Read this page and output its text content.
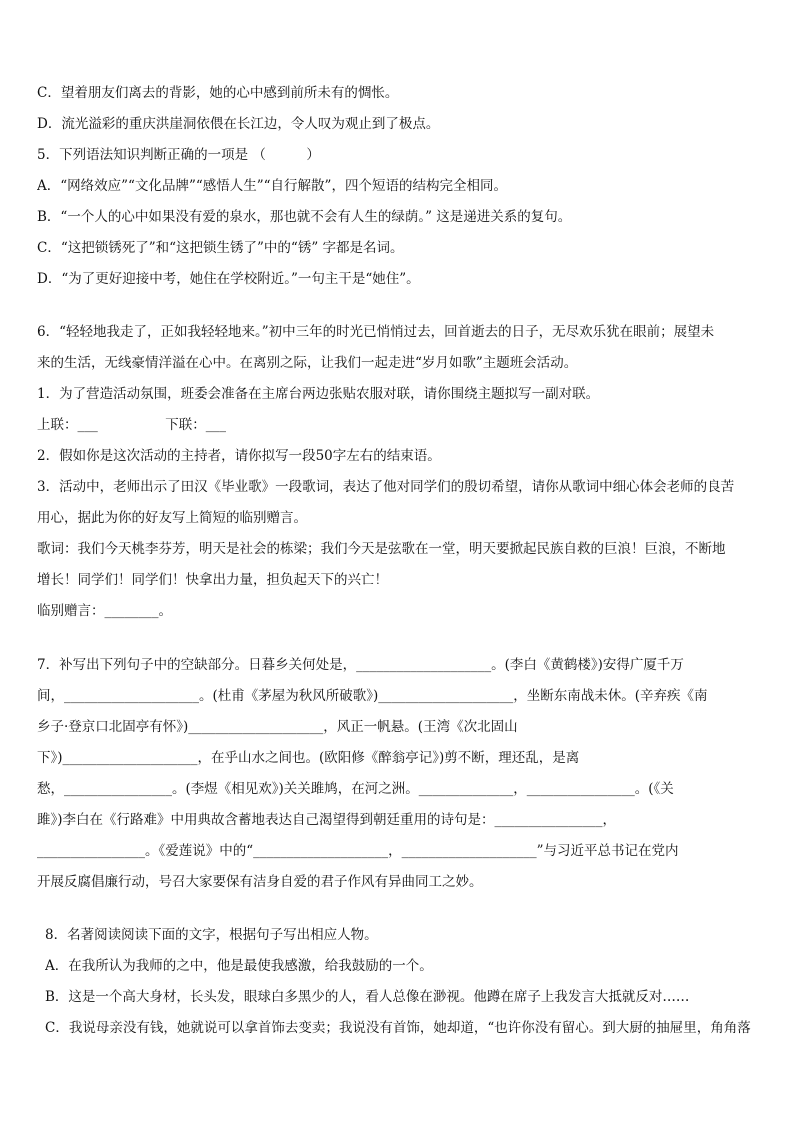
C．望着朋友们离去的背影，她的心中感到前所未有的惆怅。
D．流光溢彩的重庆洪崖洞依偎在长江边，令人叹为观止到了极点。
5．下列语法知识判断正确的一项是 （　　　）
A．“网络效应”“文化品牌”“感悟人生”“自行解散”，四个短语的结构完全相同。
B．“一个人的心中如果没有爱的泉水，那也就不会有人生的绿荫。” 这是递进关系的复句。
C．“这把锁锈死了”和“这把锁生锈了”中的“锈” 字都是名词。
D．“为了更好迎接中考，她住在学校附近。”一句主干是“她住”。
6．“轻轻地我走了，正如我轻轻地来。”初中三年的时光已悄悄过去，回首逝去的日子，无尽欢乐犹在眼前；展望未
来的生活，无线豪情洋溢在心中。在离别之际，让我们一起走进“岁月如歌”主题班会活动。
1．为了营造活动氛围，班委会准备在主席台两边张贴农服对联，请你围绕主题拟写一副对联。
上联：___　　　　　下联：___
2．假如你是这次活动的主持者，请你拟写一段50字左右的结束语。
3．活动中，老师出示了田汉《毕业歌》一段歌词，表达了他对同学们的殷切希望，请你从歌词中细心体会老师的良苦
用心，据此为你的好友写上简短的临别赠言。
歌词：我们今天桃李芬芳，明天是社会的栋梁；我们今天是弦歌在一堂，明天要掀起民族自救的巨浪！巨浪，不断地
增长！同学们！同学们！快拿出力量，担负起天下的兴亡！
临别赠言：________。
7．补写出下列句子中的空缺部分。日暮乡关何处是，____________________。(李白《黄鹤楼》)安得广厦千万
间，____________________。(杜甫《茅屋为秋风所破歌》)____________________，坐断东南战未休。(辛弃疾《南
乡子·登京口北固亭有怀》)____________________，风正一帆悬。(王湾《次北固山
下》)____________________，在乎山水之间也。(欧阳修《醉翁亭记》)剪不断，理还乱，是离
愁，________________。(李煜《相见欢》)关关雎鸠，在河之洲。______________，________________。(《关
雎》)李白在《行路难》中用典故含蓄地表达自己渴望得到朝廷重用的诗句是：________________，
________________。《爱莲说》中的“____________________，____________________”与习近平总书记在党内
开展反腐倡廉行动，号召大家要保有洁身自爱的君子作风有异曲同工之妙。
8．名著阅读阅读下面的文字，根据句子写出相应人物。
A．在我所认为我师的之中，他是最使我感激，给我鼓励的一个。
B．这是一个高大身材，长头发，眼球白多黑少的人，看人总像在渺视。他蹲在席子上我发言大抵就反对……
C．我说母亲没有钱，她就说可以拿首饰去变卖；我说没有首饰，她却道，“也许你没有留心。到大厨的抽屉里，角角落
